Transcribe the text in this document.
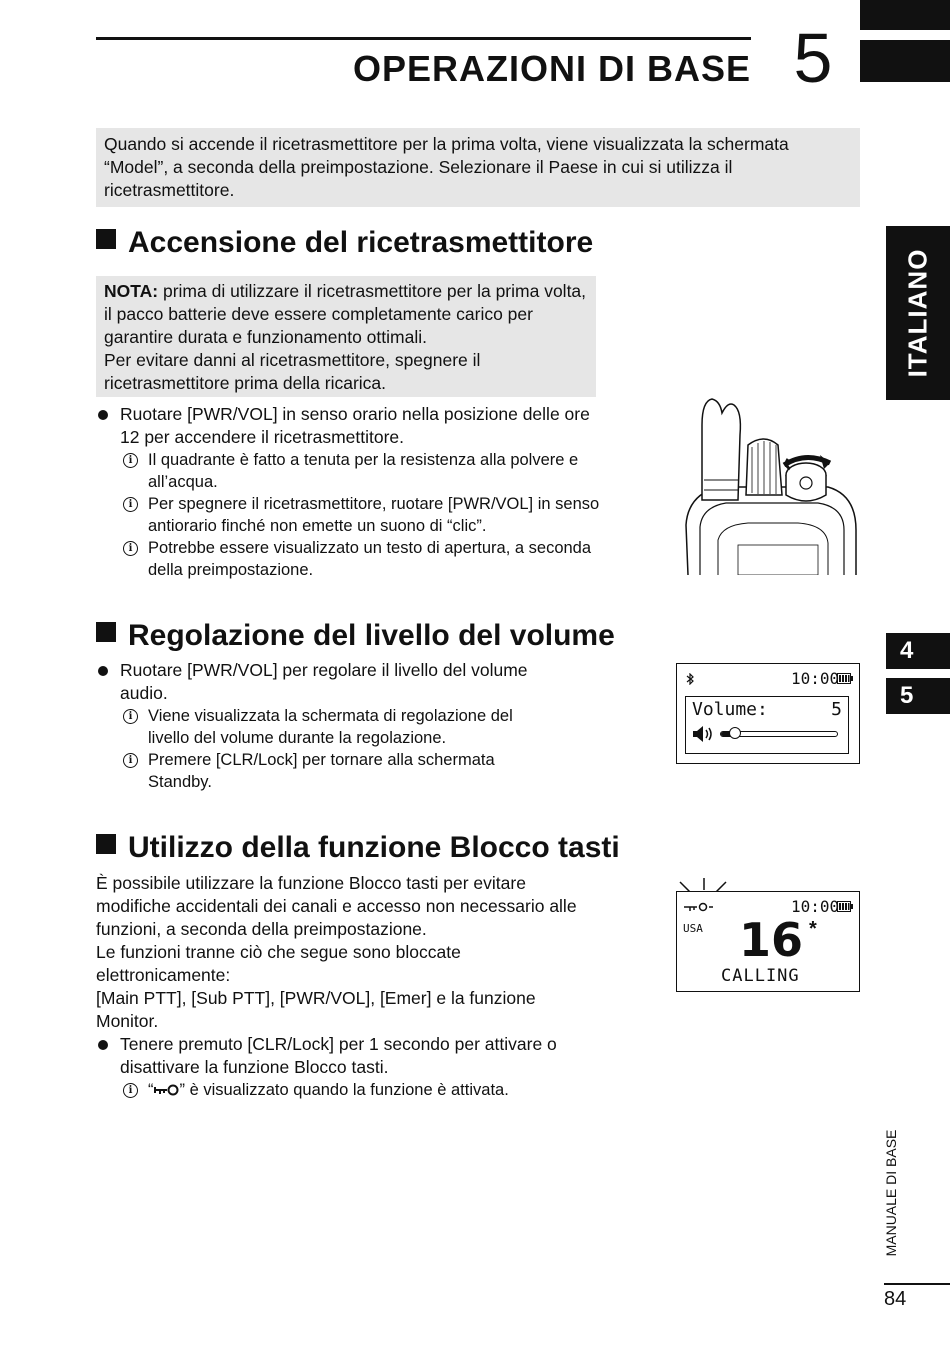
OPERAZIONI DI BASE 5
ITALIANO
4
5
Quando si accende il ricetrasmettitore per la prima volta, viene visualizzata la schermata “Model”, a seconda della preimpostazione. Selezionare il Paese in cui si utilizza il ricetrasmettitore.
Accensione del ricetrasmettitore
NOTA: prima di utilizzare il ricetrasmettitore per la prima volta, il pacco batterie deve essere completamente carico per garantire durata e funzionamento ottimali.
Per evitare danni al ricetrasmettitore, spegnere il ricetrasmettitore prima della ricarica.
Ruotare [PWR/VOL] in senso orario nella posizione delle ore 12 per accendere il ricetrasmettitore.
i Il quadrante è fatto a tenuta per la resistenza alla polvere e all’acqua.
i Per spegnere il ricetrasmettitore, ruotare [PWR/VOL] in senso antiorario finché non emette un suono di “clic”.
i Potrebbe essere visualizzato un testo di apertura, a seconda della preimpostazione.
Regolazione del livello del volume
Ruotare [PWR/VOL] per regolare il livello del volume audio.
i Viene visualizzata la schermata di regolazione del livello del volume durante la regolazione.
i Premere [CLR/Lock] per tornare alla schermata Standby.
10:00
Volume:	5
Utilizzo della funzione Blocco tasti
È possibile utilizzare la funzione Blocco tasti per evitare modifiche accidentali dei canali e accesso non necessario alle funzioni, a seconda della preimpostazione.
Le funzioni tranne ciò che segue sono bloccate elettronicamente:
[Main PTT], [Sub PTT], [PWR/VOL], [Emer] e la funzione Monitor.
Tenere premuto [CLR/Lock] per 1 secondo per attivare o disattivare la funzione Blocco tasti.
i “ ” è visualizzato quando la funzione è attivata.
10:00
USA 16 *
CALLING
MANUALE DI BASE
84
